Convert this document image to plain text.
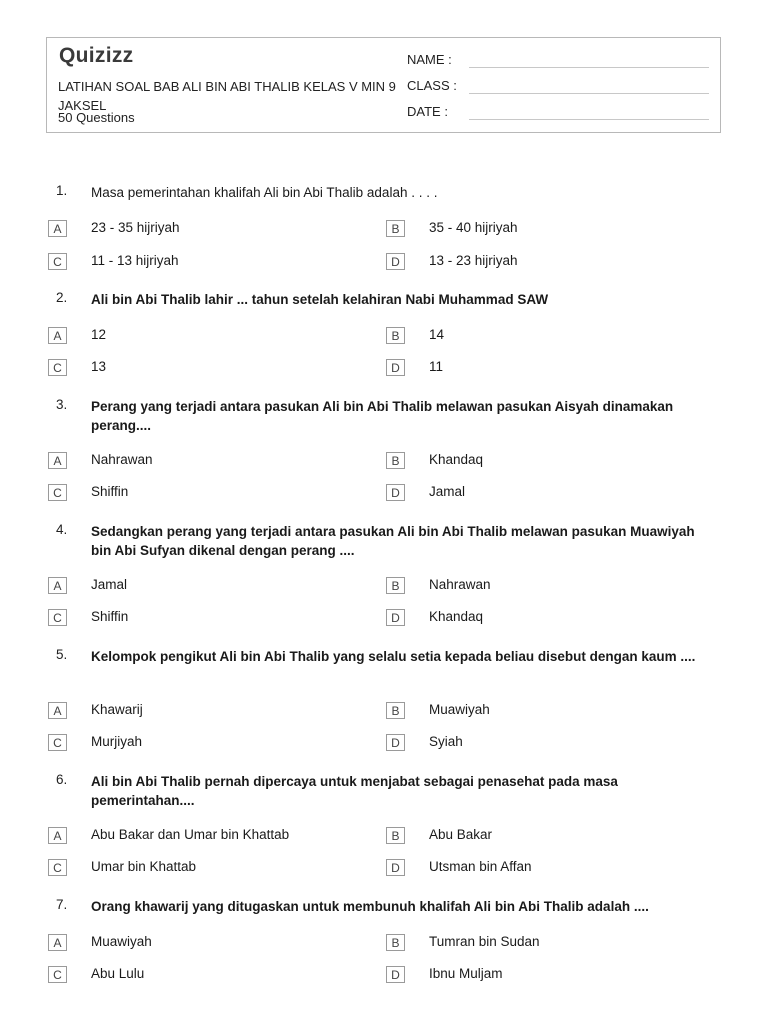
Quizizz
LATIHAN SOAL BAB ALI BIN ABI THALIB KELAS V MIN 9 JAKSEL
50 Questions
NAME :
CLASS :
DATE :
1. Masa pemerintahan khalifah Ali bin Abi Thalib adalah . . . .
A	23 - 35 hijriyah	B	35 - 40 hijriyah
C	11 - 13 hijriyah	D	13 - 23 hijriyah
2. Ali bin Abi Thalib lahir ... tahun setelah kelahiran Nabi Muhammad SAW
A	12	B	14
C	13	D	11
3. Perang yang terjadi antara pasukan Ali bin Abi Thalib melawan pasukan Aisyah dinamakan perang....
A	Nahrawan	B	Khandaq
C	Shiffin	D	Jamal
4. Sedangkan perang yang terjadi antara pasukan Ali bin Abi Thalib melawan pasukan Muawiyah bin Abi Sufyan dikenal dengan perang ....
A	Jamal	B	Nahrawan
C	Shiffin	D	Khandaq
5. Kelompok pengikut Ali bin Abi Thalib yang selalu setia kepada beliau disebut dengan kaum ....
A	Khawarij	B	Muawiyah
C	Murjiyah	D	Syiah
6. Ali bin Abi Thalib pernah dipercaya untuk menjabat sebagai penasehat pada masa pemerintahan....
A	Abu Bakar dan Umar bin Khattab	B	Abu Bakar
C	Umar bin Khattab	D	Utsman bin Affan
7. Orang khawarij yang ditugaskan untuk membunuh khalifah Ali bin Abi Thalib adalah ....
A	Muawiyah	B	Tumran bin Sudan
C	Abu Lulu	D	Ibnu Muljam
